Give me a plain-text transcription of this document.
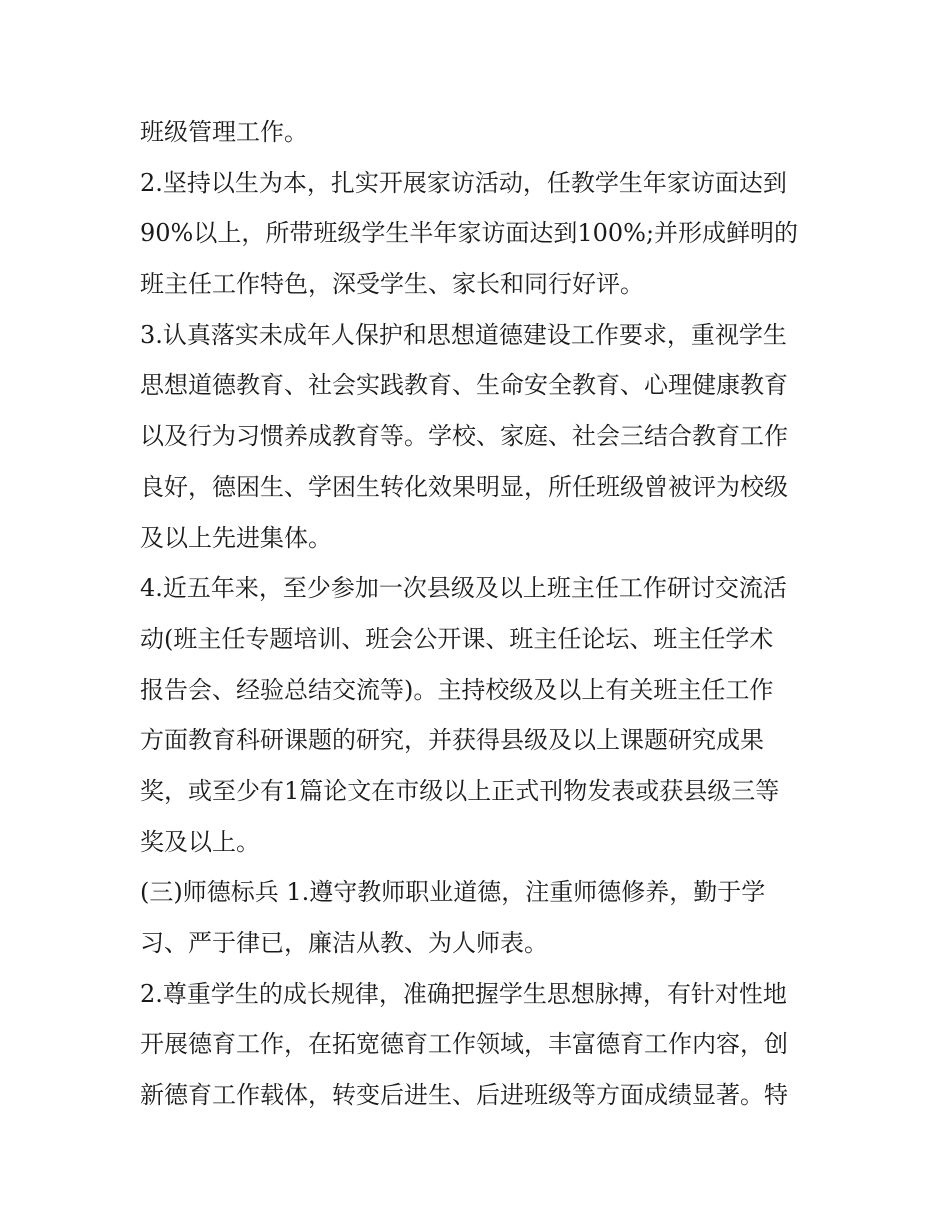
班级管理工作。
2.坚持以生为本，扎实开展家访活动，任教学生年家访面达到
90%以上，所带班级学生半年家访面达到100%;并形成鲜明的
班主任工作特色，深受学生、家长和同行好评。
3.认真落实未成年人保护和思想道德建设工作要求，重视学生
思想道德教育、社会实践教育、生命安全教育、心理健康教育
以及行为习惯养成教育等。学校、家庭、社会三结合教育工作
良好，德困生、学困生转化效果明显，所任班级曾被评为校级
及以上先进集体。
4.近五年来，至少参加一次县级及以上班主任工作研讨交流活
动(班主任专题培训、班会公开课、班主任论坛、班主任学术
报告会、经验总结交流等)。主持校级及以上有关班主任工作
方面教育科研课题的研究，并获得县级及以上课题研究成果
奖，或至少有1篇论文在市级以上正式刊物发表或获县级三等
奖及以上。
(三)师德标兵 1.遵守教师职业道德，注重师德修养，勤于学
习、严于律已，廉洁从教、为人师表。
2.尊重学生的成长规律，准确把握学生思想脉搏，有针对性地
开展德育工作，在拓宽德育工作领域，丰富德育工作内容，创
新德育工作载体，转变后进生、后进班级等方面成绩显著。特
